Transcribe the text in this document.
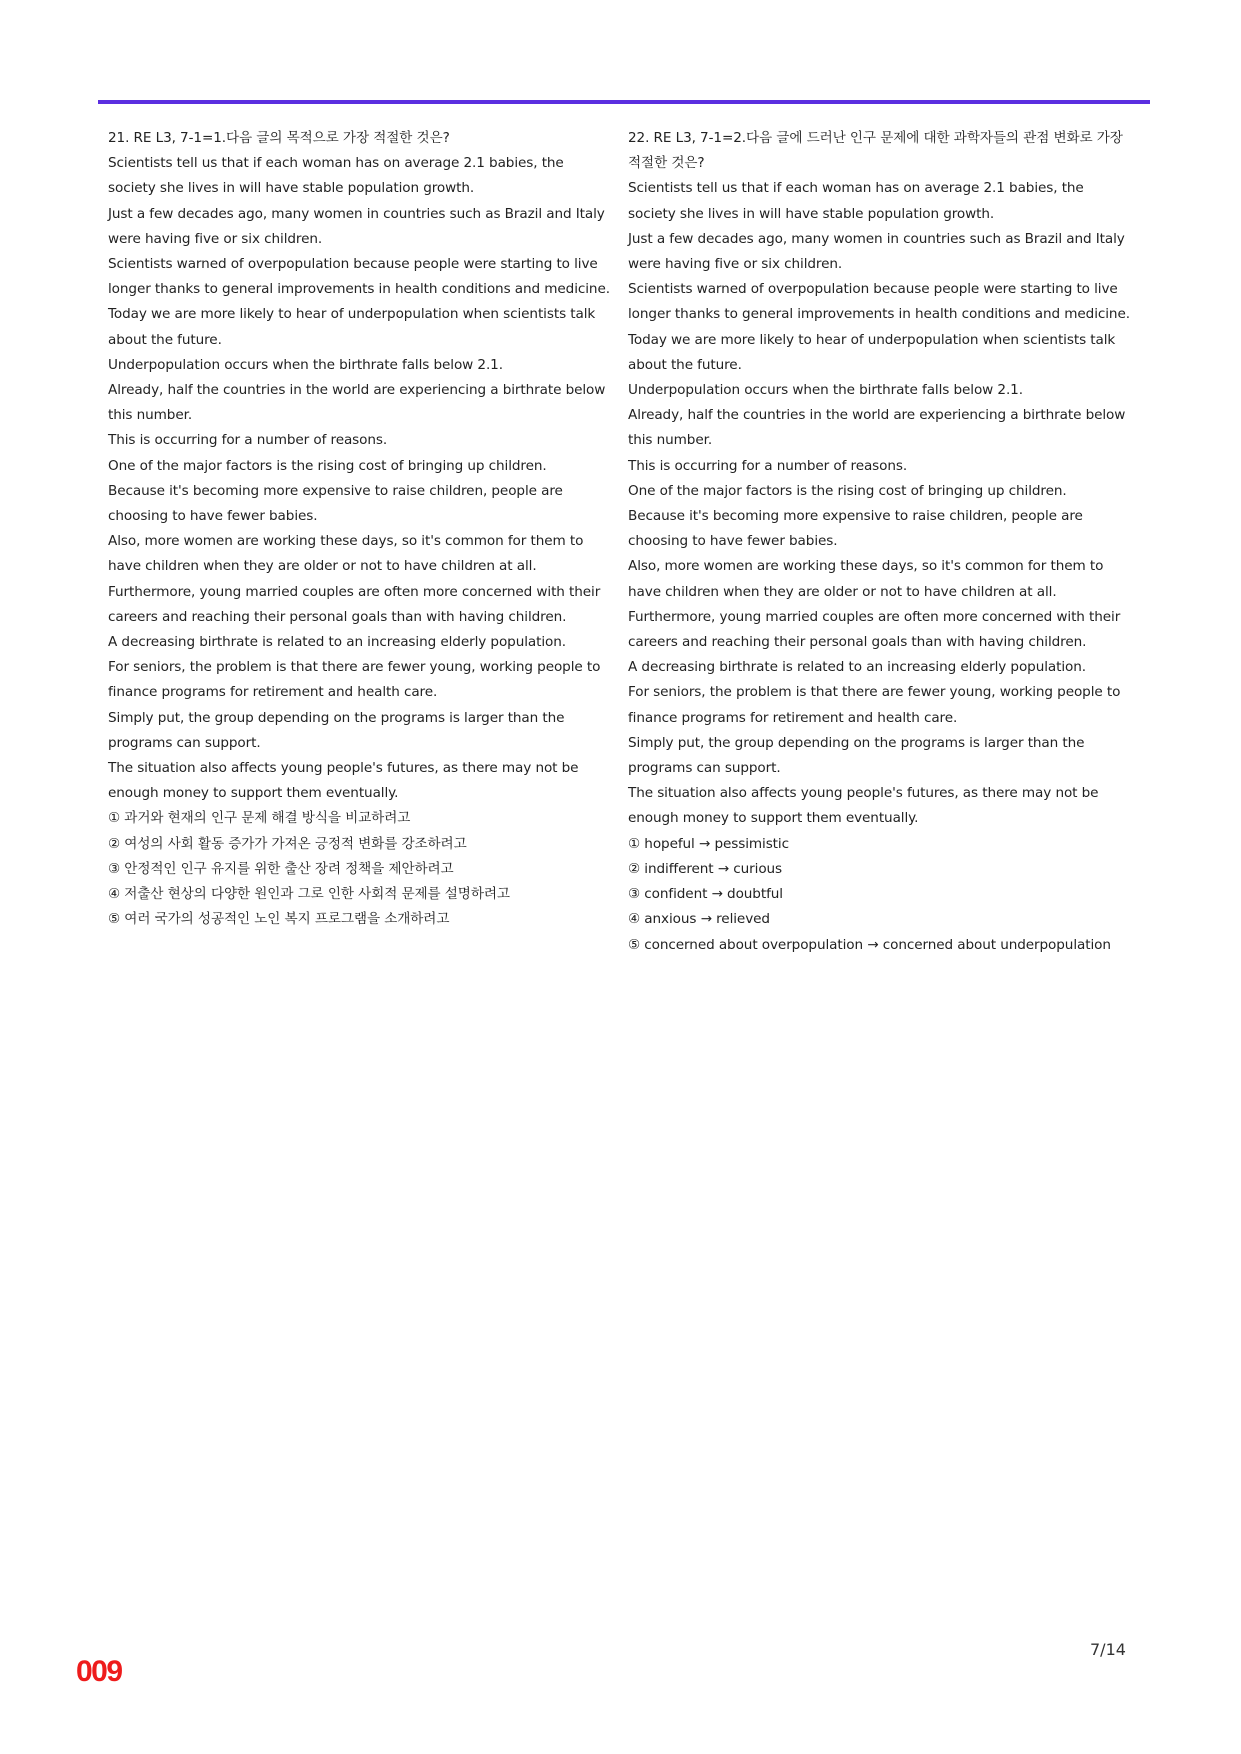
21. RE L3, 7-1=1.다음 글의 목적으로 가장 적절한 것은?
Scientists tell us that if each woman has on average 2.1 babies, the society she lives in will have stable population growth.
Just a few decades ago, many women in countries such as Brazil and Italy were having five or six children.
Scientists warned of overpopulation because people were starting to live longer thanks to general improvements in health conditions and medicine.
Today we are more likely to hear of underpopulation when scientists talk about the future.
Underpopulation occurs when the birthrate falls below 2.1.
Already, half the countries in the world are experiencing a birthrate below this number.
This is occurring for a number of reasons.
One of the major factors is the rising cost of bringing up children.
Because it's becoming more expensive to raise children, people are choosing to have fewer babies.
Also, more women are working these days, so it's common for them to have children when they are older or not to have children at all.
Furthermore, young married couples are often more concerned with their careers and reaching their personal goals than with having children.
A decreasing birthrate is related to an increasing elderly population.
For seniors, the problem is that there are fewer young, working people to finance programs for retirement and health care.
Simply put, the group depending on the programs is larger than the programs can support.
The situation also affects young people's futures, as there may not be enough money to support them eventually.
① 과거와 현재의 인구 문제 해결 방식을 비교하려고
② 여성의 사회 활동 증가가 가져온 긍정적 변화를 강조하려고
③ 안정적인 인구 유지를 위한 출산 장려 정책을 제안하려고
④ 저출산 현상의 다양한 원인과 그로 인한 사회적 문제를 설명하려고
⑤ 여러 국가의 성공적인 노인 복지 프로그램을 소개하려고
22. RE L3, 7-1=2.다음 글에 드러난 인구 문제에 대한 과학자들의 관점 변화로 가장 적절한 것은?
Scientists tell us that if each woman has on average 2.1 babies, the society she lives in will have stable population growth.
Just a few decades ago, many women in countries such as Brazil and Italy were having five or six children.
Scientists warned of overpopulation because people were starting to live longer thanks to general improvements in health conditions and medicine.
Today we are more likely to hear of underpopulation when scientists talk about the future.
Underpopulation occurs when the birthrate falls below 2.1.
Already, half the countries in the world are experiencing a birthrate below this number.
This is occurring for a number of reasons.
One of the major factors is the rising cost of bringing up children.
Because it's becoming more expensive to raise children, people are choosing to have fewer babies.
Also, more women are working these days, so it's common for them to have children when they are older or not to have children at all.
Furthermore, young married couples are often more concerned with their careers and reaching their personal goals than with having children.
A decreasing birthrate is related to an increasing elderly population.
For seniors, the problem is that there are fewer young, working people to finance programs for retirement and health care.
Simply put, the group depending on the programs is larger than the programs can support.
The situation also affects young people's futures, as there may not be enough money to support them eventually.
① hopeful → pessimistic
② indifferent → curious
③ confident → doubtful
④ anxious → relieved
⑤ concerned about overpopulation → concerned about underpopulation
7/14
009
